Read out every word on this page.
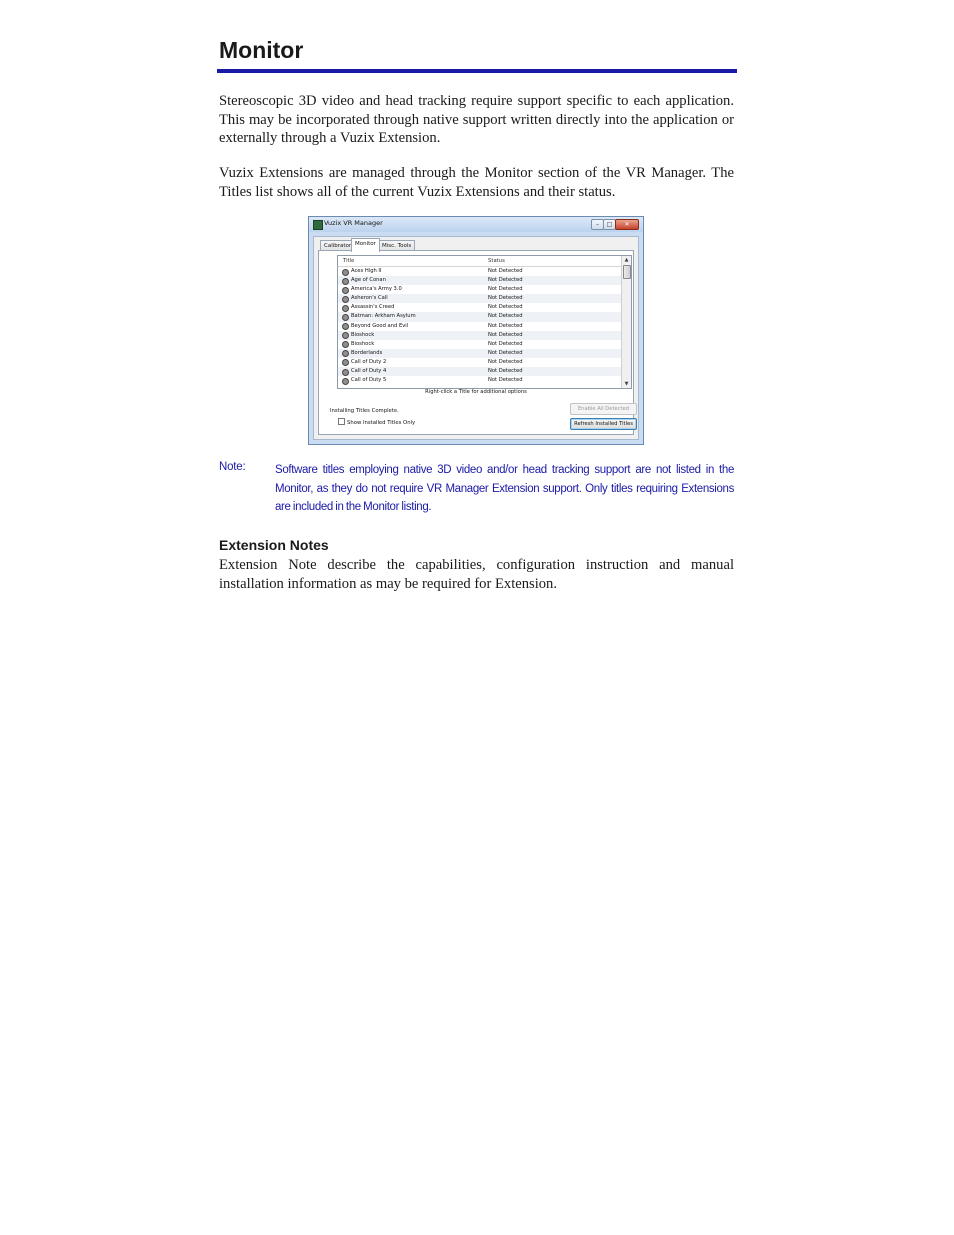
Monitor

Stereoscopic 3D video and head tracking require support specific to each application. This may be incorporated through native support written directly into the application or externally through a Vuzix Extension.

Vuzix Extensions are managed through the Monitor section of the VR Manager. The Titles list shows all of the current Vuzix Extensions and their status.

Vuzix VR Manager	–	□	✕
Calibrator Monitor	Misc. Tools
Title	Status
Aces High II	Not Detected
Age of Conan	Not Detected
America's Army 3.0	Not Detected
Asheron's Call	Not Detected
Assassin's Creed	Not Detected
Batman: Arkham Asylum	Not Detected
Beyond Good and Evil	Not Detected
Bioshock	Not Detected
Bioshock	Not Detected
Borderlands	Not Detected
Call of Duty 2	Not Detected
Call of Duty 4	Not Detected
Call of Duty 5	Not Detected
▲
▼
Right-click a Title for additional options
Enable All Detected
Installing Titles Complete.
Show Installed Titles Only	Refresh Installed Titles
Note:	Software titles employing native 3D video and/or head tracking support are not listed in the Monitor, as they do not require VR Manager Extension support. Only titles requiring Extensions are included in the Monitor listing.

Extension Notes

Extension Note describe the capabilities, configuration instruction and manual installation information as may be required for Extension.
